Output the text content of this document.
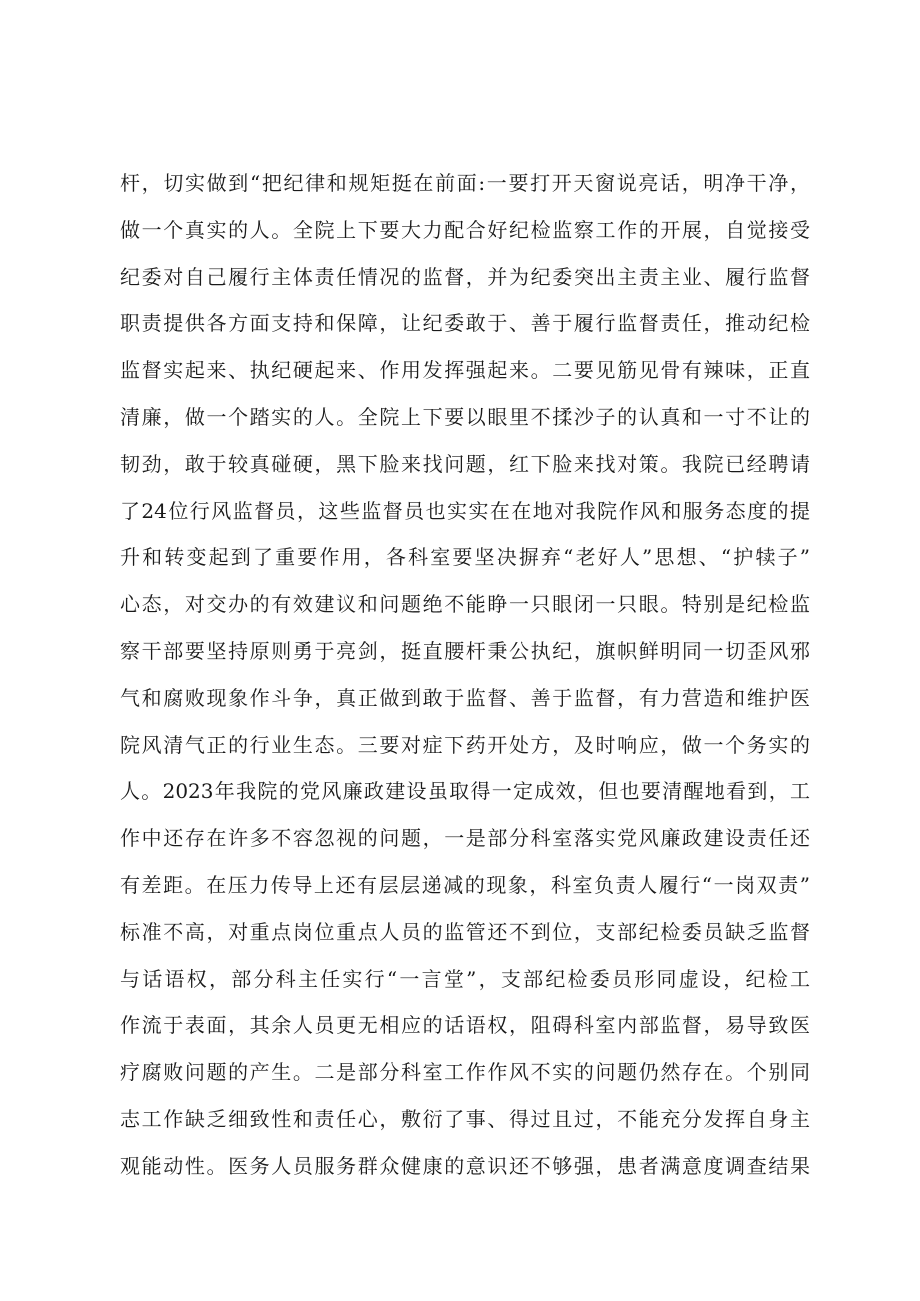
杆，切实做到“把纪律和规矩挺在前面:一要打开天窗说亮话，明净干净，
做一个真实的人。全院上下要大力配合好纪检监察工作的开展，自觉接受
纪委对自己履行主体责任情况的监督，并为纪委突出主责主业、履行监督
职责提供各方面支持和保障，让纪委敢于、善于履行监督责任，推动纪检
监督实起来、执纪硬起来、作用发挥强起来。二要见筋见骨有辣味，正直
清廉，做一个踏实的人。全院上下要以眼里不揉沙子的认真和一寸不让的
韧劲，敢于较真碰硬，黑下脸来找问题，红下脸来找对策。我院已经聘请
了24位行风监督员，这些监督员也实实在在地对我院作风和服务态度的提
升和转变起到了重要作用，各科室要坚决摒弃“老好人”思想、“护犊子”
心态，对交办的有效建议和问题绝不能睁一只眼闭一只眼。特别是纪检监
察干部要坚持原则勇于亮剑，挺直腰杆秉公执纪，旗帜鲜明同一切歪风邪
气和腐败现象作斗争，真正做到敢于监督、善于监督，有力营造和维护医
院风清气正的行业生态。三要对症下药开处方，及时响应，做一个务实的
人。2023年我院的党风廉政建设虽取得一定成效，但也要清醒地看到，工
作中还存在许多不容忽视的问题，一是部分科室落实党风廉政建设责任还
有差距。在压力传导上还有层层递减的现象，科室负责人履行“一岗双责”
标准不高，对重点岗位重点人员的监管还不到位，支部纪检委员缺乏监督
与话语权，部分科主任实行“一言堂”，支部纪检委员形同虚设，纪检工
作流于表面，其余人员更无相应的话语权，阻碍科室内部监督，易导致医
疗腐败问题的产生。二是部分科室工作作风不实的问题仍然存在。个别同
志工作缺乏细致性和责任心，敷衍了事、得过且过，不能充分发挥自身主
观能动性。医务人员服务群众健康的意识还不够强，患者满意度调查结果
